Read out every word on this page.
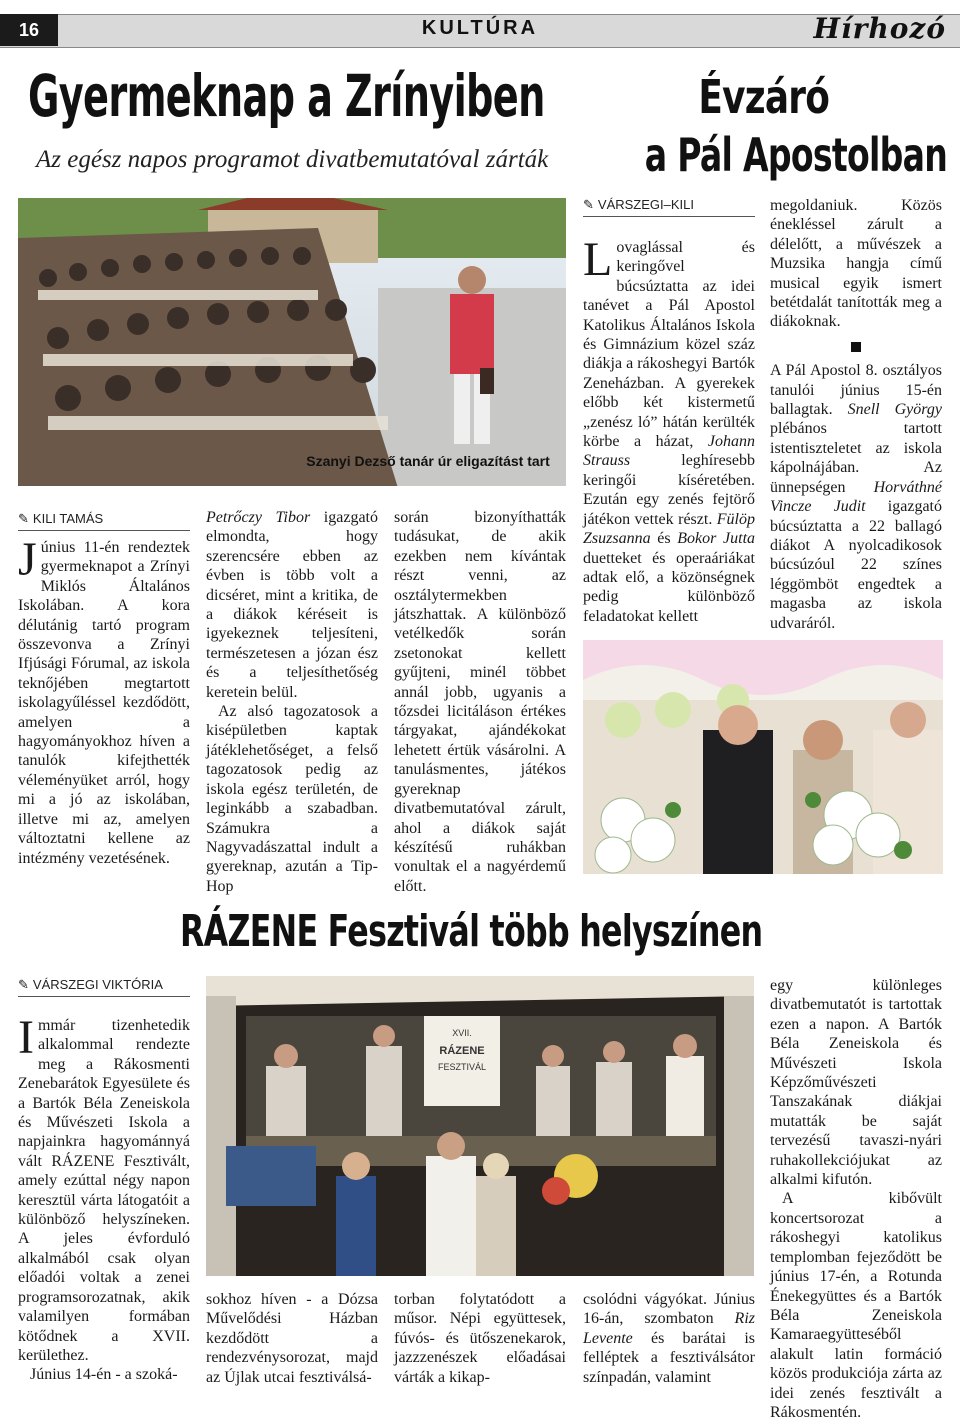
16	KULTÚRA	Hírhozó
Gyermeknap a Zrínyiben
Az egész napos programot divatbemutatóval zárták
Szanyi Dezső tanár úr eligazítást tart
✎ KILI TAMÁS

Június 11-én rendeztek gyermeknapot a Zrínyi Miklós Általános Iskolában. A kora délutánig tartó program összevonva a Zrínyi Ifjúsági Fórumal, az iskola teknőjében megtartott iskolagyűléssel kezdődött, amelyen a hagyományokhoz híven a tanulók kifejthették véleményüket arról, hogy mi a jó az iskolában, illetve mi az, amelyen változtatni kellene az intézmény vezetésének.

Petrőczy Tibor igazgató elmondta, hogy szerencsére ebben az évben is több volt a dicséret, mint a kritika, de a diákok kéréseit is igyekeznek teljesíteni, természetesen a józan ész és a teljesíthetőség keretein belül.

Az alsó tagozatosok a kisépületben kaptak játéklehetőséget, a felső tagozatosok pedig az iskola egész területén, de leginkább a szabadban. Számukra a Nagyvadászattal indult a gyereknap, azután a Tip-Hop

során bizonyíthatták tudásukat, de akik ezekben nem kívántak részt venni, az osztálytermekben játszhattak. A különböző vetélkedők során zsetonokat kellett gyűjteni, minél többet annál jobb, ugyanis a tőzsdei licitáláson értékes tárgyakat, ajándékokat lehetett értük vásárolni. A tanulásmentes, játékos gyereknap divatbemutatóval zárult, ahol a diákok saját készítésű ruhákban vonultak el a nagyérdemű előtt.

Évzáró
a Pál Apostolban
✎ VÁRSZEGI–KILI

Lovaglással és keringővel búcsúztatta az idei tanévet a Pál Apostol Katolikus Általános Iskola és Gimnázium közel száz diákja a rákoshegyi Bartók Zeneházban. A gyerekek előbb két kistermetű „zenész ló” hátán kerülték körbe a házat, Johann Strauss leghíresebb keringői kíséretében. Ezután egy zenés fejtörő játékon vettek részt. Fülöp Zsuzsanna és Bokor Jutta duetteket és operaáriákat adtak elő, a közönségnek pedig különböző feladatokat kellett

megoldaniuk. Közös énekléssel zárult a délelőtt, a művészek a Muzsika hangja című musical egyik ismert betétdalát tanították meg a diákoknak.

A Pál Apostol 8. osztályos tanulói június 15-én ballagtak. Snell György plébános tartott istentiszteletet az iskola kápolnájában. Az ünnepségen Horváthné Vincze Judit igazgató búcsúztatta a 22 ballagó diákot A nyolcadikosok búcsúzóul 22 színes léggömböt engedtek a magasba az iskola udvaráról.

RÁZENE Fesztivál több helyszínen
✎ VÁRSZEGI VIKTÓRIA

Immár tizenhetedik alkalommal rendezte meg a Rákosmenti Zenebarátok Egyesülete és a Bartók Béla Zeneiskola és Művészeti Iskola a napjainkra hagyománnyá vált RÁZENE Fesztivált, amely ezúttal négy napon keresztül várta látogatóit a különböző helyszíneken. A jeles évforduló alkalmából csak olyan előadói voltak a zenei programsorozatnak, akik valamilyen formában kötődnek a XVII. kerülethez.

Június 14-én - a szoká-

XVII.
RÁZENE
FESZTIVÁL

sokhoz híven - a Dózsa Művelődési Házban kezdődött a rendezvénysorozat, majd az Újlak utcai fesztiválsá-

torban folytatódott a műsor. Népi együttesek, fúvós- és ütőszenekarok, jazzzenészek előadásai várták a kikap-

csolódni vágyókat. Június 16-án, szombaton Riz Levente és barátai is felléptek a fesztiválsátor színpadán, valamint

egy különleges divatbemutatót is tartottak ezen a napon. A Bartók Béla Zeneiskola és Művészeti Iskola Képzőművészeti Tanszakának diákjai mutatták be saját tervezésű tavaszi-nyári ruhakollekciójukat az alkalmi kifutón.

A kibővült koncertsorozat a rákoshegyi katolikus templomban fejeződött be június 17-én, a Rotunda Énekegyüttes és a Bartók Béla Zeneiskola Kamaraegyütteséből alakult latin formáció közös produkciója zárta az idei zenés fesztivált a Rákosmentén.
